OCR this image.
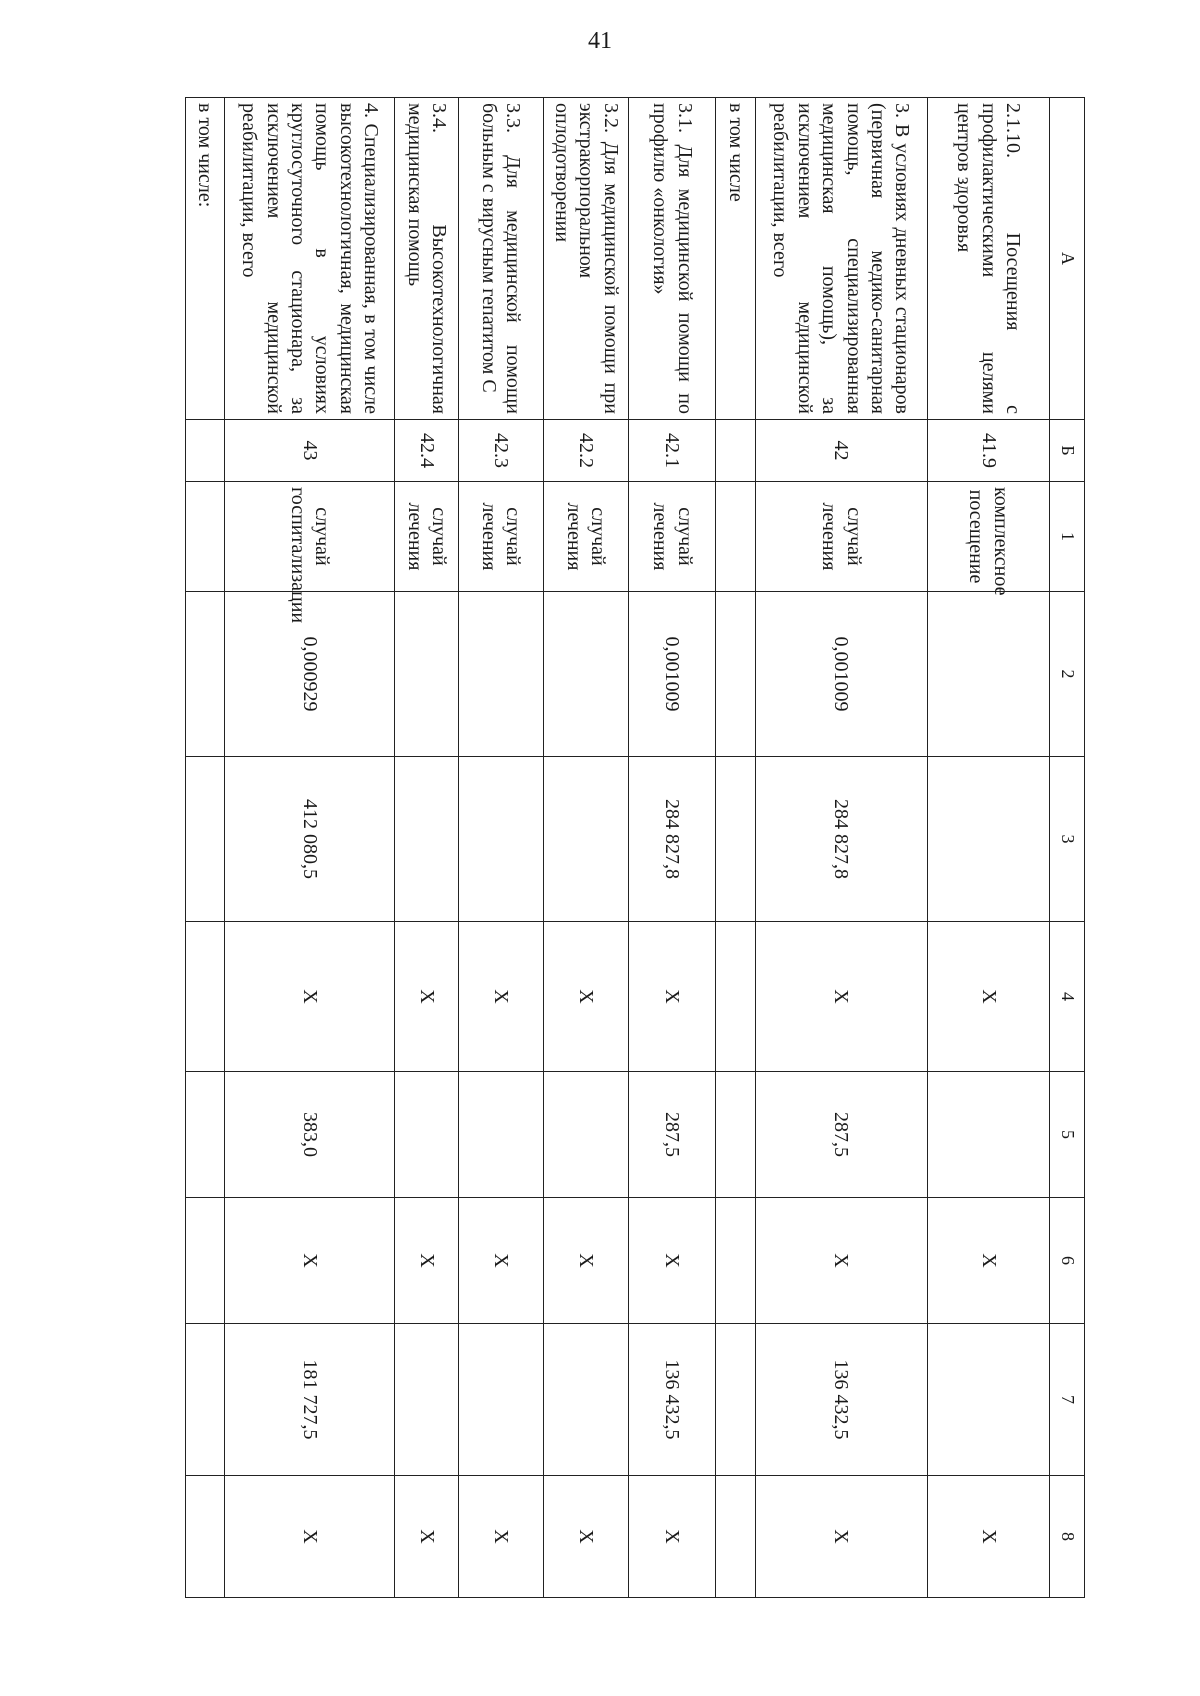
41
А	Б	1	2	3	4	5	6	7	8
2.1.10. Посещения с профилактическими целями центров здоровья	41.9	комплексное посещение			Х		Х		Х
3. В условиях дневных стационаров (первичная медико-санитарная помощь, специализированная медицинская помощь), за исключением медицинской реабилитации, всего	42	случай лечения	0,001009	284 827,8	Х	287,5	Х	136 432,5	Х
в том числе									
3.1. Для медицинской помощи по профилю «онкология»	42.1	случай лечения	0,001009	284 827,8	Х	287,5	Х	136 432,5	Х
3.2. Для медицинской помощи при экстракорпоральном оплодотворении	42.2	случай лечения			Х		Х		Х
3.3. Для медицинской помощи больным с вирусным гепатитом С	42.3	случай лечения			Х		Х		Х
3.4. Высокотехнологичная медицинская помощь	42.4	случай лечения			Х		Х		Х
4. Специализированная, в том числе высокотехнологичная, медицинская помощь в условиях круглосуточного стационара, за исключением медицинской реабилитации, всего	43	случай госпитализации	0,000929	412 080,5	Х	383,0	Х	181 727,5	Х
в том числе:									
